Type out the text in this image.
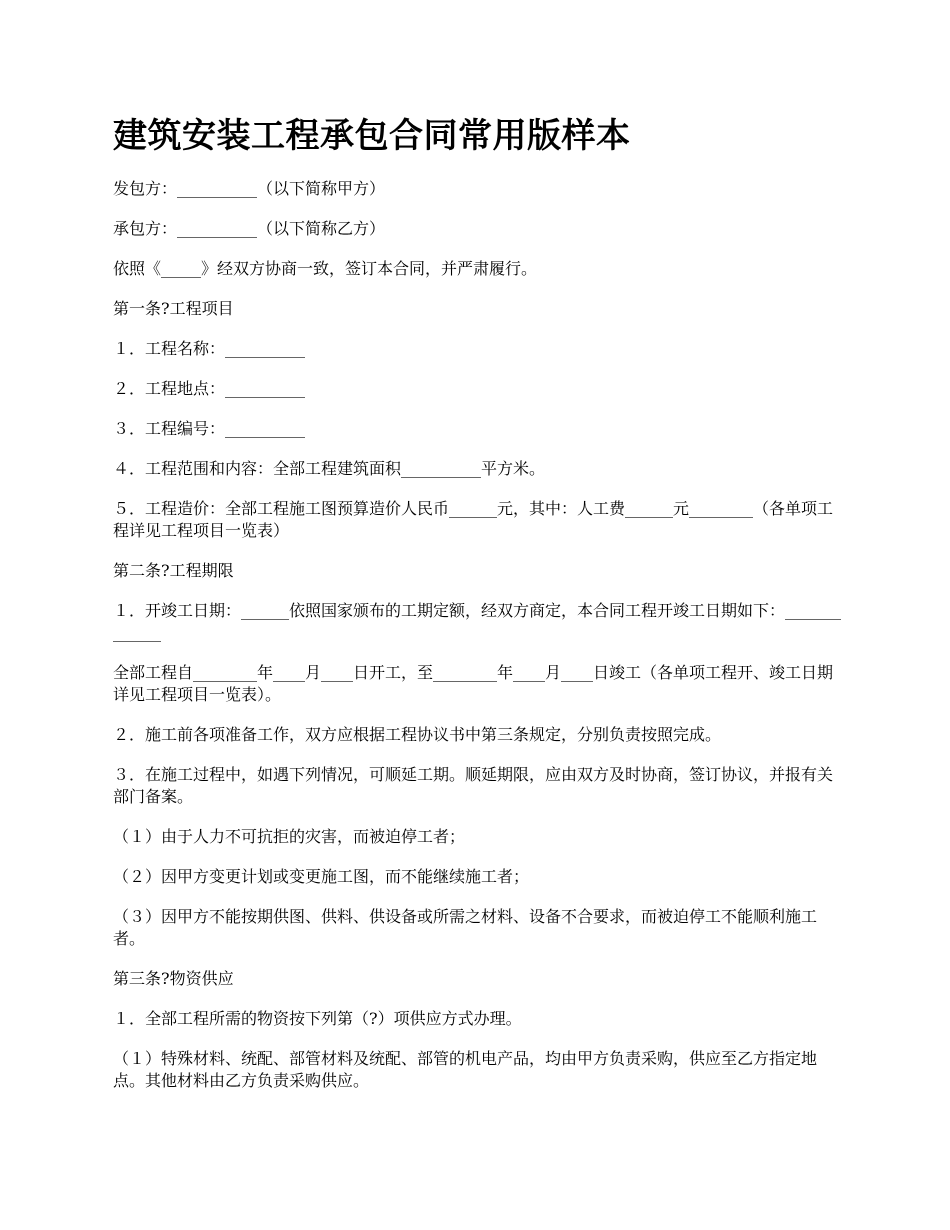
建筑安装工程承包合同常用版样本

发包方：__________（以下简称甲方）

承包方：__________（以下简称乙方）

依照《_____》经双方协商一致，签订本合同，并严肃履行。

第一条?工程项目

１．工程名称：__________

２．工程地点：__________

３．工程编号：__________

４．工程范围和内容：全部工程建筑面积__________平方米。

５．工程造价：全部工程施工图预算造价人民币______元，其中：人工费______元________（各单项工程详见工程项目一览表）

第二条?工程期限

１．开竣工日期：______依照国家颁布的工期定额，经双方商定，本合同工程开竣工日期如下：_____________

全部工程自________年____月____日开工，至________年____月____日竣工（各单项工程开、竣工日期详见工程项目一览表）。

２．施工前各项准备工作，双方应根据工程协议书中第三条规定，分别负责按照完成。

３．在施工过程中，如遇下列情况，可顺延工期。顺延期限，应由双方及时协商，签订协议，并报有关部门备案。

（１）由于人力不可抗拒的灾害，而被迫停工者；

（２）因甲方变更计划或变更施工图，而不能继续施工者；

（３）因甲方不能按期供图、供料、供设备或所需之材料、设备不合要求，而被迫停工不能顺利施工者。

第三条?物资供应

１．全部工程所需的物资按下列第（?）项供应方式办理。

（１）特殊材料、统配、部管材料及统配、部管的机电产品，均由甲方负责采购，供应至乙方指定地点。其他材料由乙方负责采购供应。
